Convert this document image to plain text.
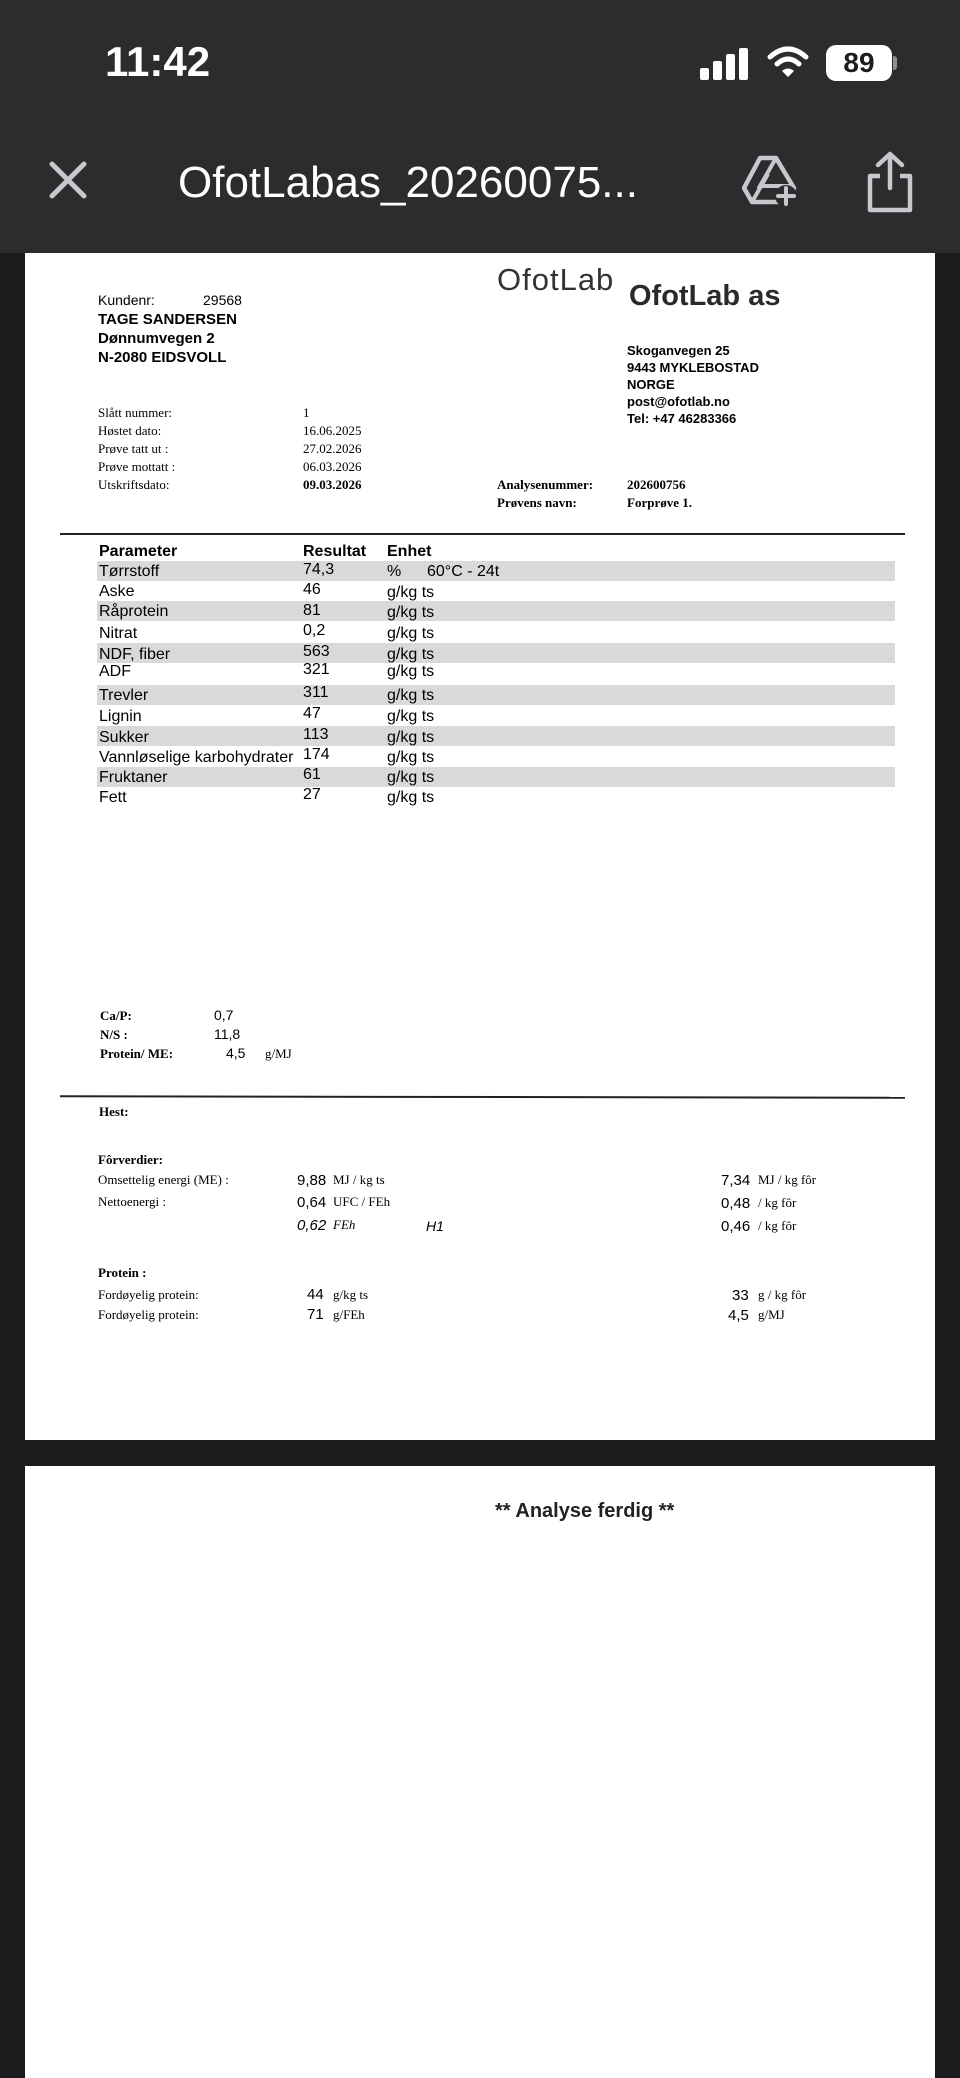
11:42	89
OfotLabas_20260075...
OfotLab OfotLab as
Kundenr:	29568
TAGE SANDERSEN
Dønnumvegen 2
N-2080 EIDSVOLL	Skoganvegen 25
9443 MYKLEBOSTAD
NORGE
post@ofotlab.no
Tel: +47 46283366
Slått nummer:	1
Høstet dato:	16.06.2025
Prøve tatt ut :	27.02.2026
Prøve mottatt :	06.03.2026
Utskriftsdato:	09.03.2026	Analysenummer:	202600756
Prøvens navn:	Forprøve 1.
Parameter	Resultat Enhet
Tørrstoff	74,3	% 60°C - 24t
Aske	46	g/kg ts
Råprotein	81	g/kg ts
Nitrat	0,2	g/kg ts
NDF, fiber	563	g/kg ts
ADF	321	g/kg ts
Trevler	311	g/kg ts
Lignin	47	g/kg ts
Sukker	113	g/kg ts
Vannløselige karbohydrater 174	g/kg ts
Fruktaner	61	g/kg ts
Fett	27	g/kg ts
Ca/P:	0,7
N/S :	11,8
Protein/ ME:	4,5 g/MJ
Hest:
Fôrverdier:
Omsettelig energi (ME) :	9,88 MJ / kg ts	7,34 MJ / kg fôr
Nettoenergi :	0,64 UFC / FEh	0,48 / kg fôr
0,62 FEh	H1	0,46 / kg fôr
Protein :
Fordøyelig protein:	44 g/kg ts	33 g / kg fôr
Fordøyelig protein:	71 g/FEh	4,5 g/MJ
** Analyse ferdig **
